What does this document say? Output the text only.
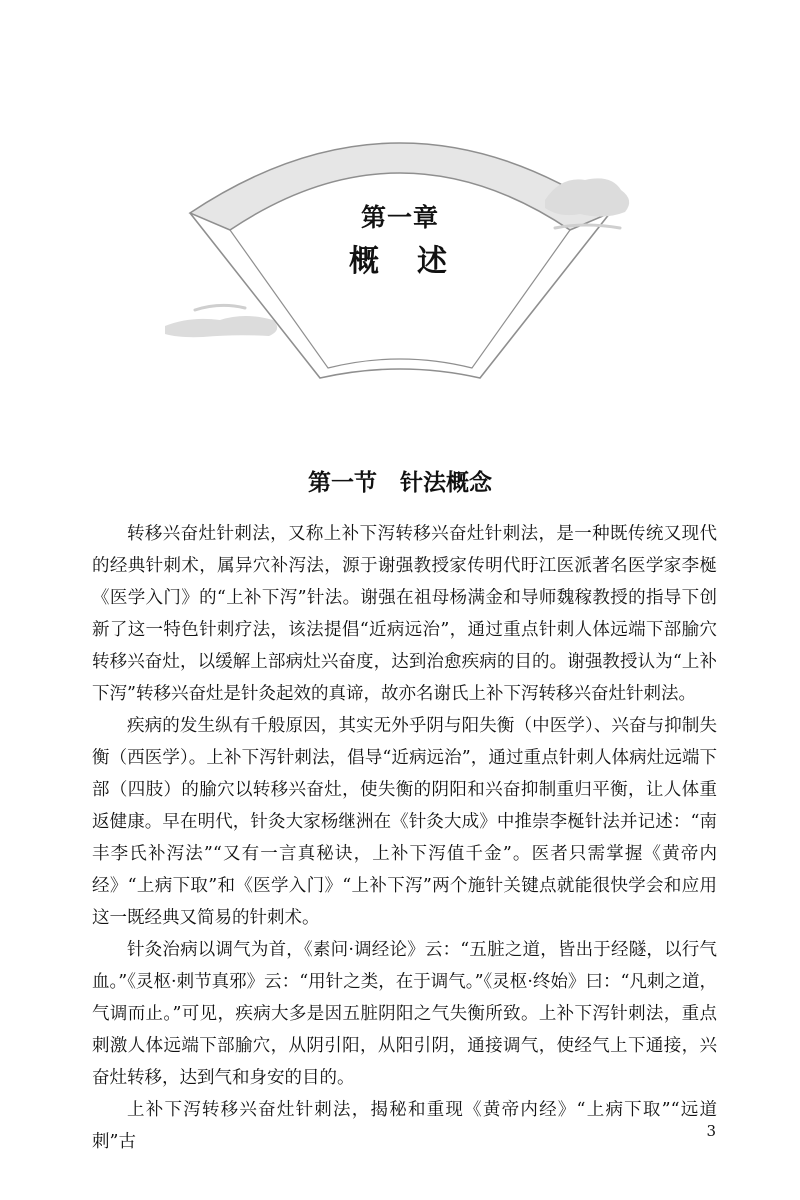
第一章
概　述
第一节　针法概念

转移兴奋灶针刺法，又称上补下泻转移兴奋灶针刺法，是一种既传统又现代的经典针刺术，属异穴补泻法，源于谢强教授家传明代盱江医派著名医学家李梴《医学入门》的“上补下泻”针法。谢强在祖母杨满金和导师魏稼教授的指导下创新了这一特色针刺疗法，该法提倡“近病远治”，通过重点针刺人体远端下部腧穴转移兴奋灶，以缓解上部病灶兴奋度，达到治愈疾病的目的。谢强教授认为“上补下泻”转移兴奋灶是针灸起效的真谛，故亦名谢氏上补下泻转移兴奋灶针刺法。

疾病的发生纵有千般原因，其实无外乎阴与阳失衡（中医学）、兴奋与抑制失衡（西医学）。上补下泻针刺法，倡导“近病远治”，通过重点针刺人体病灶远端下部（四肢）的腧穴以转移兴奋灶，使失衡的阴阳和兴奋抑制重归平衡，让人体重返健康。早在明代，针灸大家杨继洲在《针灸大成》中推崇李梴针法并记述：“南丰李氏补泻法”“又有一言真秘诀，上补下泻值千金”。医者只需掌握《黄帝内经》“上病下取”和《医学入门》“上补下泻”两个施针关键点就能很快学会和应用这一既经典又简易的针刺术。

针灸治病以调气为首，《素问·调经论》云：“五脏之道，皆出于经隧，以行气血。”《灵枢·刺节真邪》云：“用针之类，在于调气。”《灵枢·终始》曰：“凡刺之道，气调而止。”可见，疾病大多是因五脏阴阳之气失衡所致。上补下泻针刺法，重点刺激人体远端下部腧穴，从阴引阳，从阳引阴，通接调气，使经气上下通接，兴奋灶转移，达到气和身安的目的。

上补下泻转移兴奋灶针刺法，揭秘和重现《黄帝内经》“上病下取”“远道刺”古

3
